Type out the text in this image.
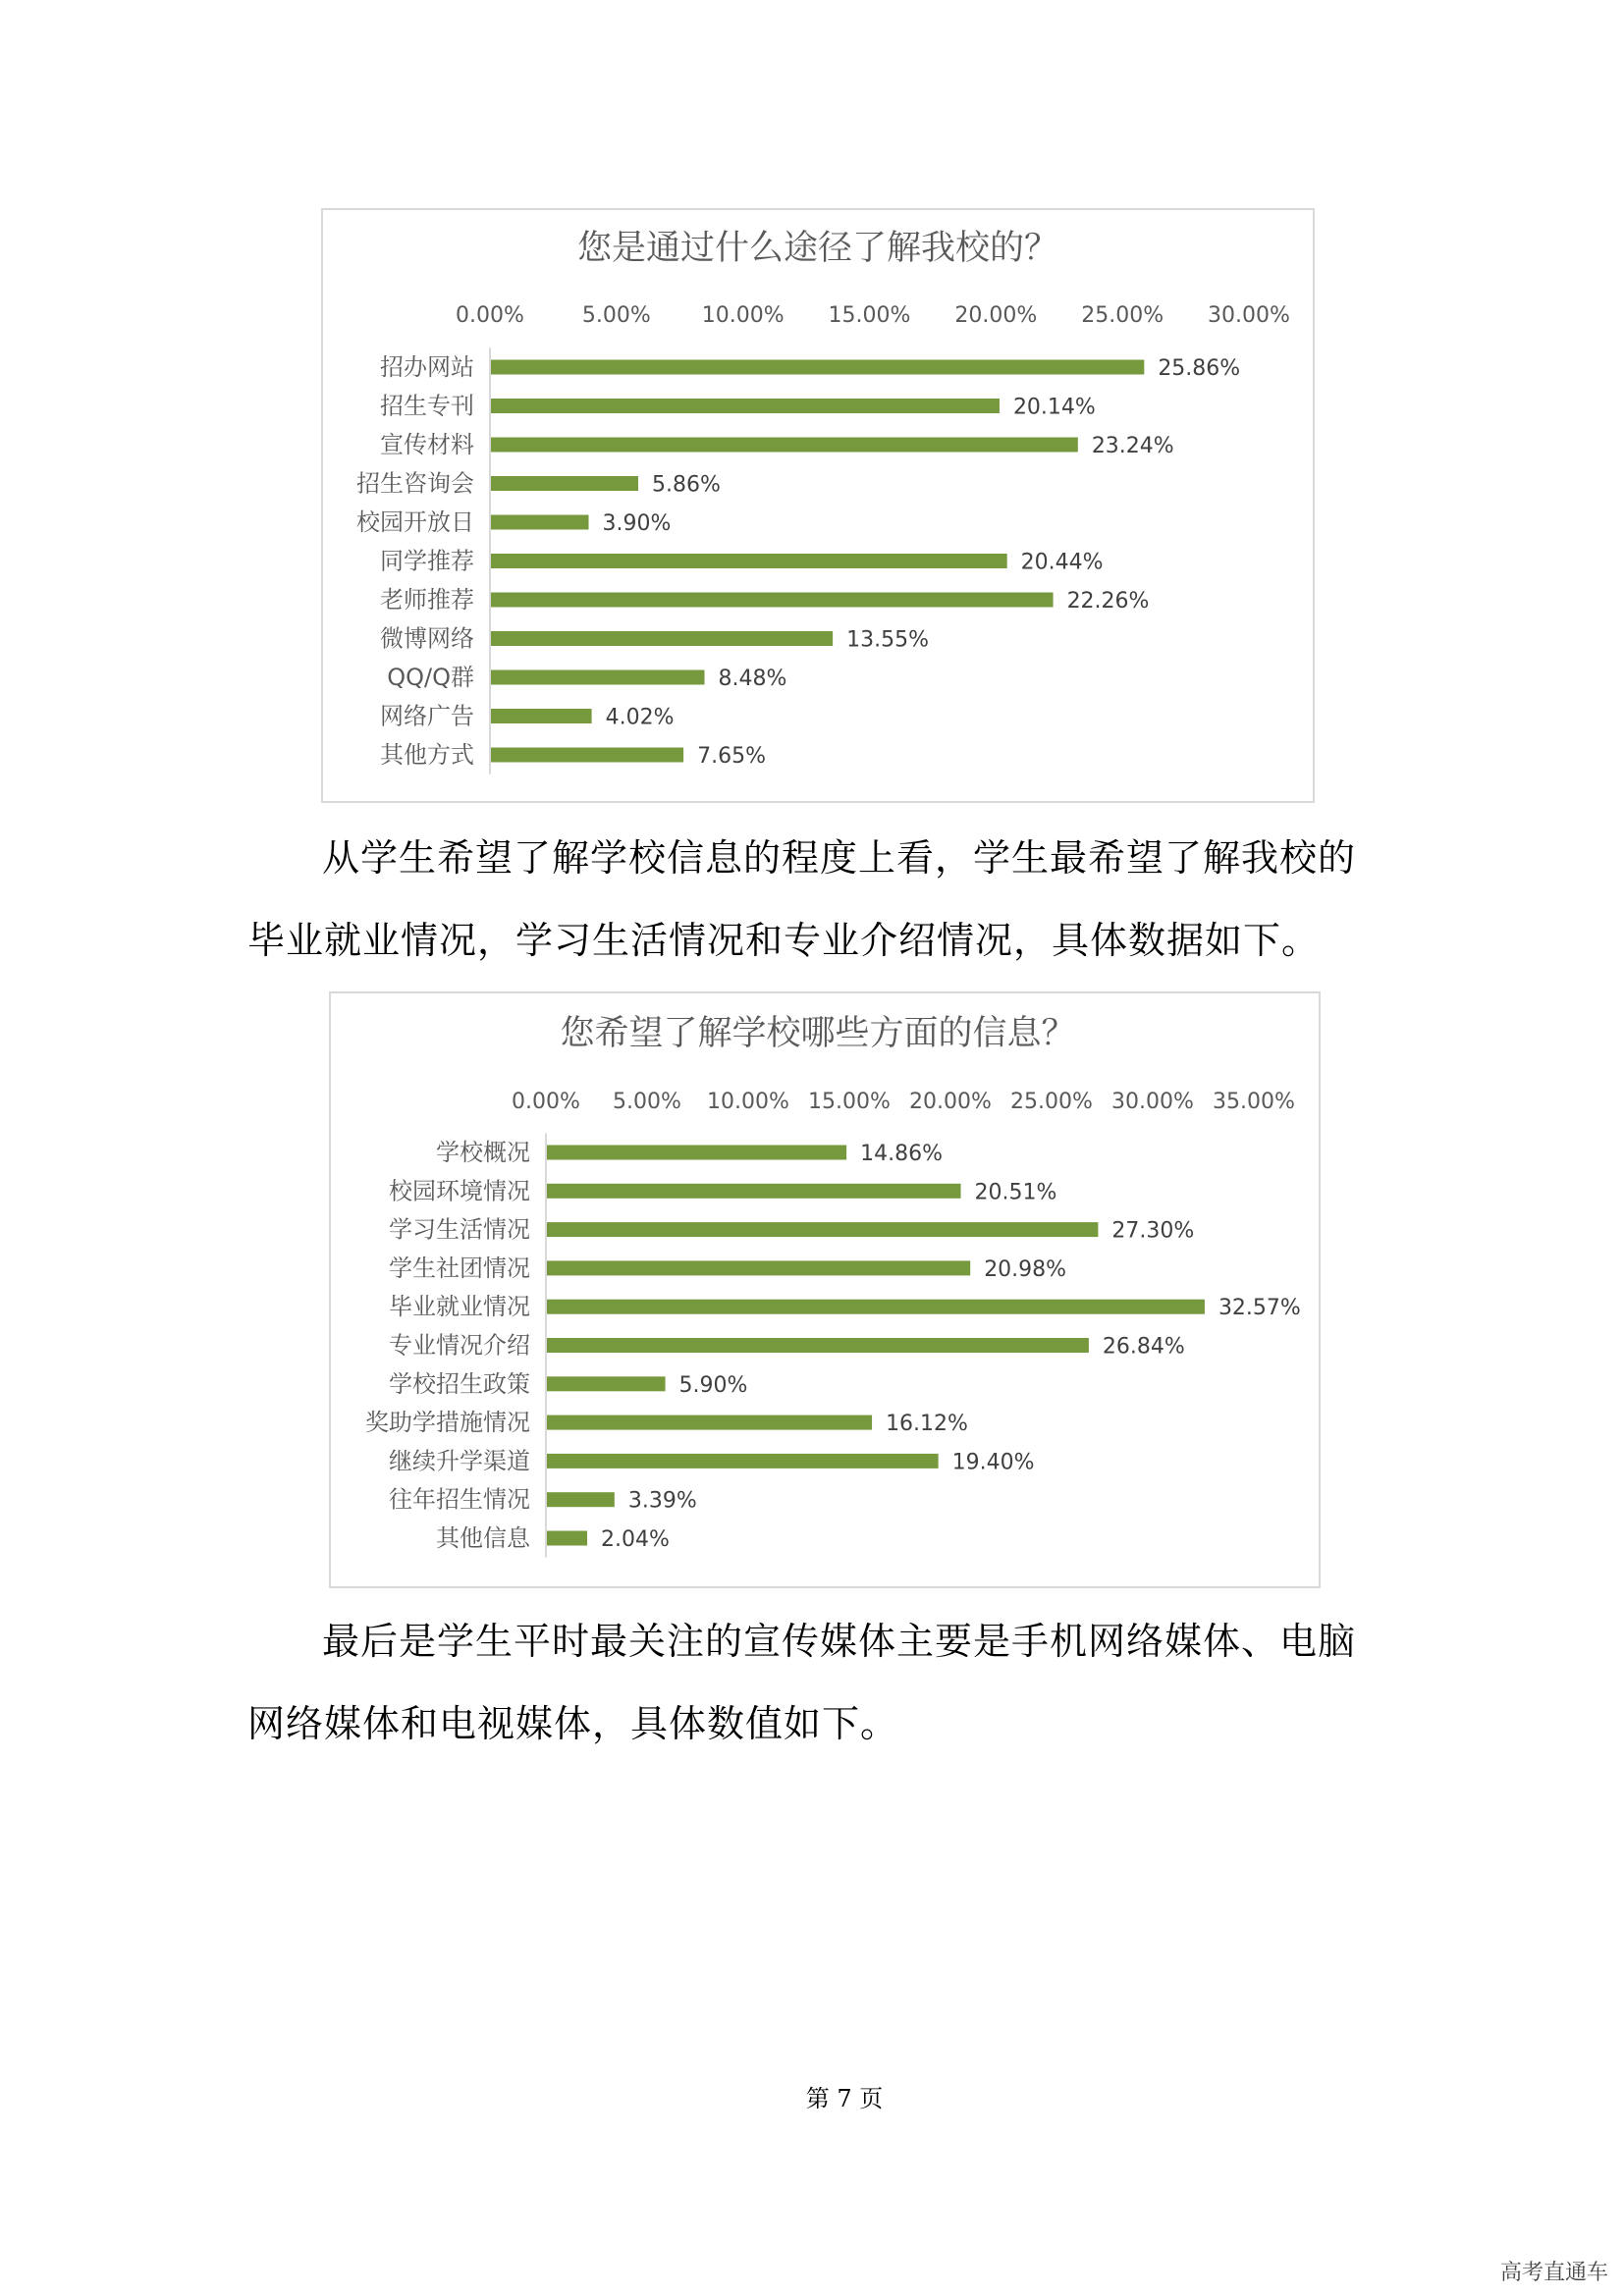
您是通过什么途径了解我校的？
0.00%	5.00% 10.00% 15.00% 20.00% 25.00% 30.00%
招办网站	25.86%
招生专刊	20.14%
宣传材料	23.24%
招生咨询会	5.86%
校园开放日	3.90%
同学推荐	20.44%
老师推荐	22.26%
微博网络	13.55%
QQ/Q群	8.48%
网络广告	4.02%
其他方式	7.65%

从学生希望了解学校信息的程度上看，学生最希望了解我校的毕业就业情况，学习生活情况和专业介绍情况，具体数据如下。

您希望了解学校哪些方面的信息？
0.00% 5.00% 10.00% 15.00% 20.00% 25.00% 30.00% 35.00%
学校概况	14.86%
校园环境情况	20.51%
学习生活情况	27.30%
学生社团情况	20.98%
毕业就业情况	32.57%
专业情况介绍	26.84%
学校招生政策	5.90%
奖助学措施情况	16.12%
继续升学渠道	19.40%
往年招生情况	3.39%
其他信息	2.04%

最后是学生平时最关注的宣传媒体主要是手机网络媒体、电脑网络媒体和电视媒体，具体数值如下。

第 7 页
高考直通车
